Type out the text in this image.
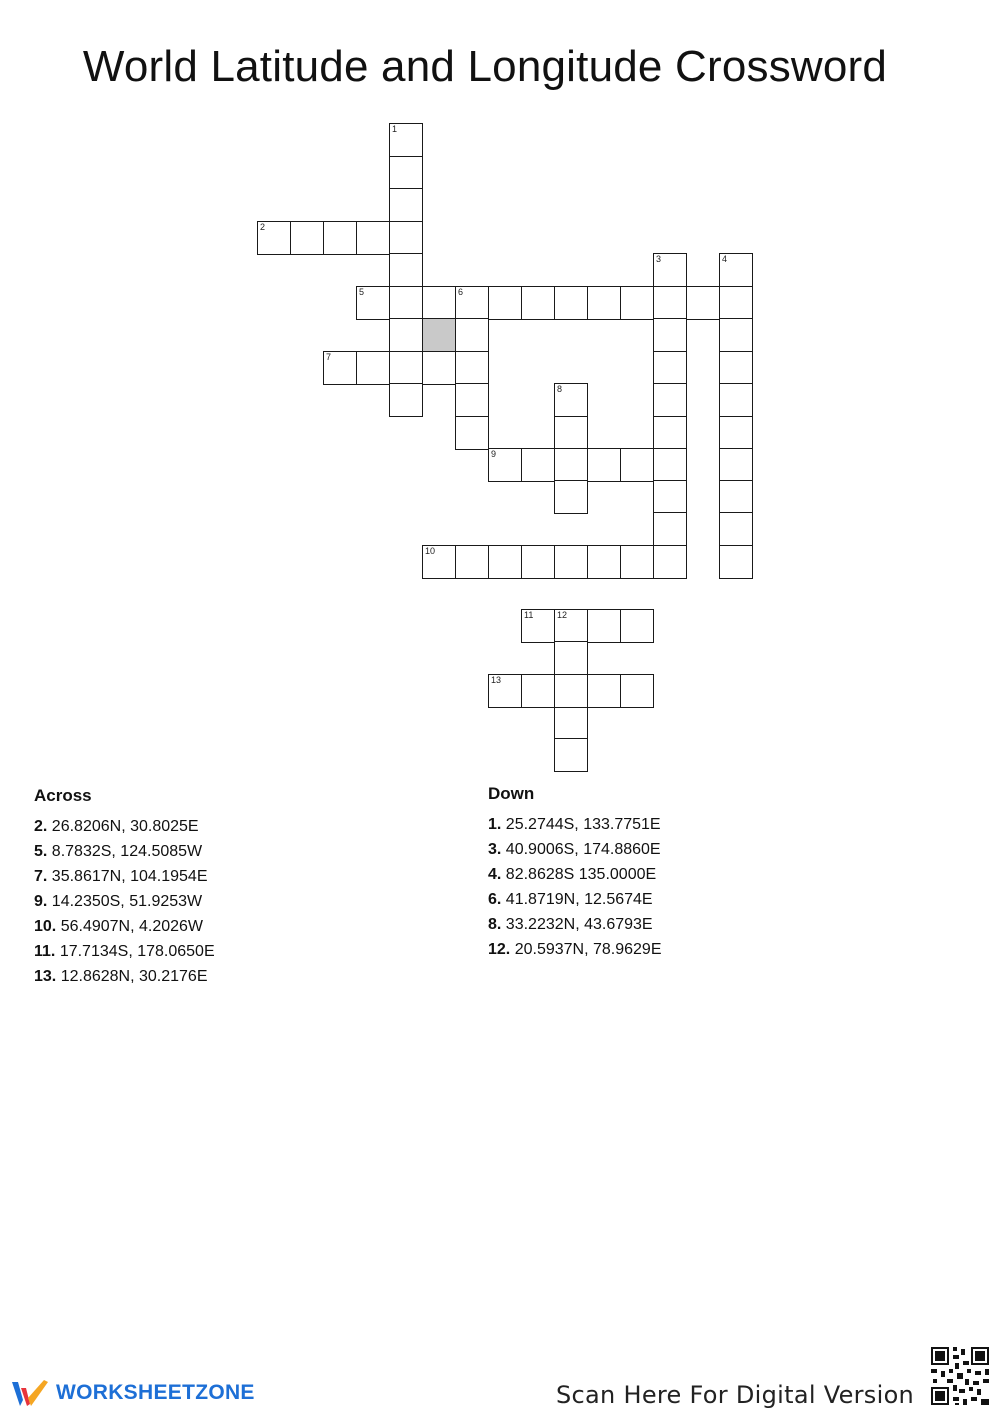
World Latitude and Longitude Crossword
1
2
5	6
3	4
7
8
9
10
11	12
13
Across
2. 26.8206N, 30.8025E
5. 8.7832S, 124.5085W
7. 35.8617N, 104.1954E
9. 14.2350S, 51.9253W
10. 56.4907N, 4.2026W
11. 17.7134S, 178.0650E
13. 12.8628N, 30.2176E
Down
1. 25.2744S, 133.7751E
3. 40.9006S, 174.8860E
4. 82.8628S 135.0000E
6. 41.8719N, 12.5674E
8. 33.2232N, 43.6793E
12. 20.5937N, 78.9629E
WORKSHEETZONE	Scan Here For Digital Version
